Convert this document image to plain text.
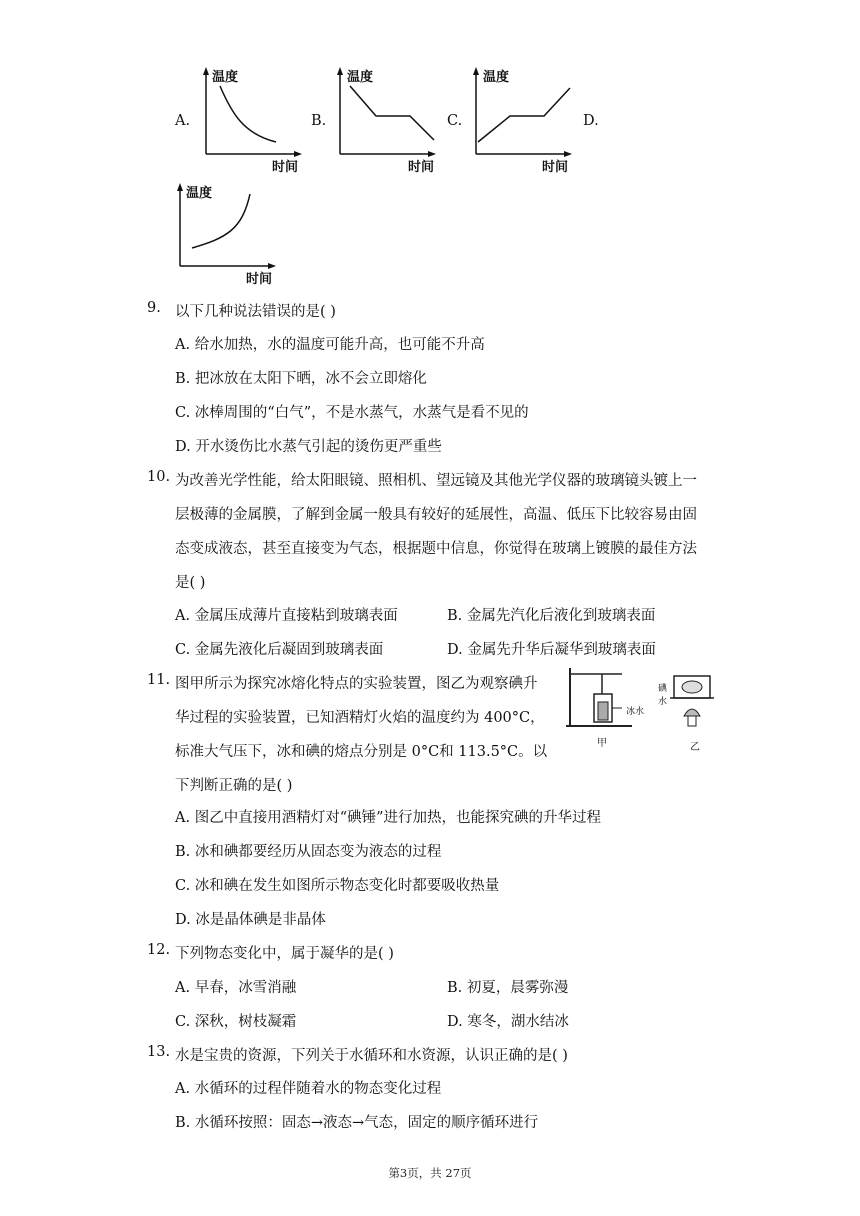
A.	B.	C.	D.
温度
时间
温度
时间
温度
时间
温度
时间
9. 以下几种说法错误的是( )
A. 给水加热，水的温度可能升高，也可能不升高
B. 把冰放在太阳下晒，冰不会立即熔化
C. 冰棒周围的“白气”，不是水蒸气，水蒸气是看不见的
D. 开水烫伤比水蒸气引起的烫伤更严重些
10. 为改善光学性能，给太阳眼镜、照相机、望远镜及其他光学仪器的玻璃镜头镀上一
层极薄的金属膜，了解到金属一般具有较好的延展性，高温、低压下比较容易由固
态变成液态，甚至直接变为气态，根据题中信息，你觉得在玻璃上镀膜的最佳方法
是( )
A. 金属压成薄片直接粘到玻璃表面	B. 金属先汽化后液化到玻璃表面
C. 金属先液化后凝固到玻璃表面	D. 金属先升华后凝华到玻璃表面
11. 图甲所示为探究冰熔化特点的实验装置，图乙为观察碘升
华过程的实验装置，已知酒精灯火焰的温度约为 400°C，
标准大气压下，冰和碘的熔点分别是 0°C和 113.5°C。以
下判断正确的是( )
冰水
碘
水
甲	乙
A. 图乙中直接用酒精灯对“碘锤”进行加热，也能探究碘的升华过程
B. 冰和碘都要经历从固态变为液态的过程
C. 冰和碘在发生如图所示物态变化时都要吸收热量
D. 冰是晶体碘是非晶体
12. 下列物态变化中，属于凝华的是( )
A. 早春，冰雪消融	B. 初夏，晨雾弥漫
C. 深秋，树枝凝霜	D. 寒冬，湖水结冰
13. 水是宝贵的资源，下列关于水循环和水资源，认识正确的是( )
A. 水循环的过程伴随着水的物态变化过程
B. 水循环按照：固态→液态→气态，固定的顺序循环进行
第3页，共 27页
